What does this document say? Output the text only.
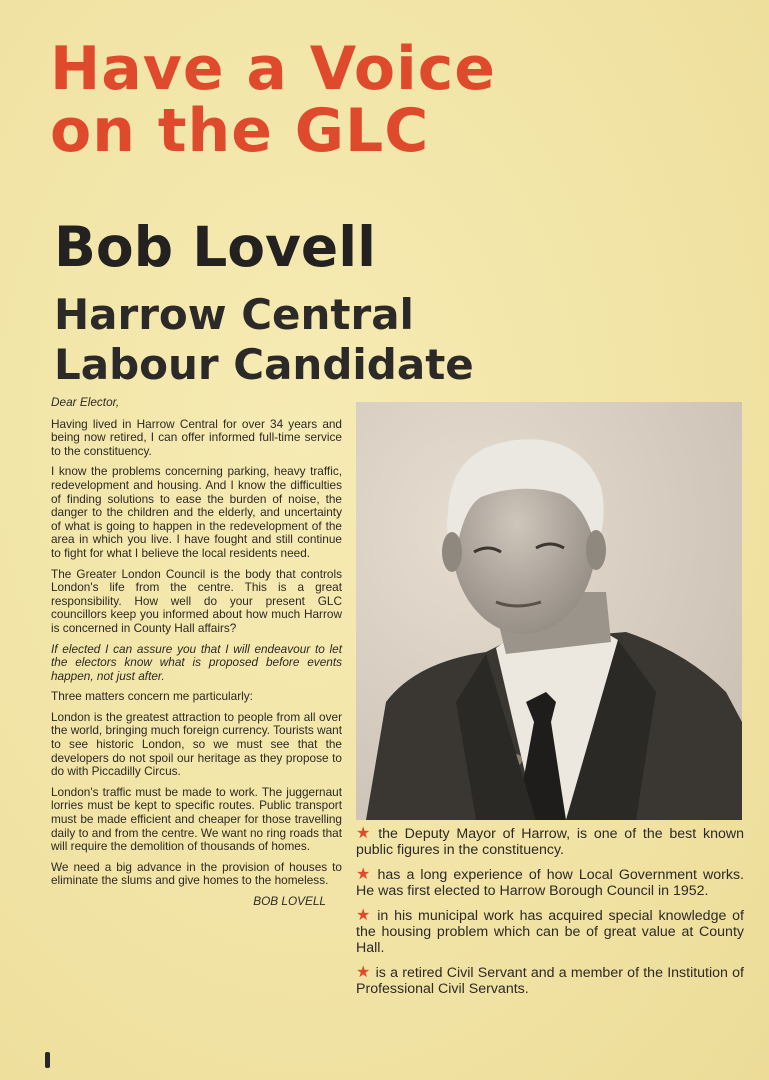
Have a Voice
on the GLC
Bob Lovell
Harrow Central
Labour Candidate

Dear Elector,

Having lived in Harrow Central for over 34 years and being now retired, I can offer informed full-time service to the constituency.

I know the problems concerning parking, heavy traffic, redevelopment and housing. And I know the difficulties of finding solutions to ease the burden of noise, the danger to the children and the elderly, and uncertainty of what is going to happen in the redevelopment of the area in which you live. I have fought and still continue to fight for what I believe the local residents need.

The Greater London Council is the body that controls London's life from the centre. This is a great responsibility. How well do your present GLC councillors keep you informed about how much Harrow is concerned in County Hall affairs?

If elected I can assure you that I will endeavour to let the electors know what is proposed before events happen, not just after.

Three matters concern me particularly:

London is the greatest attraction to people from all over the world, bringing much foreign currency. Tourists want to see historic London, so we must see that the developers do not spoil our heritage as they propose to do with Piccadilly Circus.

London's traffic must be made to work. The juggernaut lorries must be kept to specific routes. Public transport must be made efficient and cheaper for those travelling daily to and from the centre. We want no ring roads that will require the demolition of thousands of homes.

We need a big advance in the provision of houses to eliminate the slums and give homes to the homeless.

BOB LOVELL

★ the Deputy Mayor of Harrow, is one of the best known public figures in the constituency.

★ has a long experience of how Local Government works. He was first elected to Harrow Borough Council in 1952.

★ in his municipal work has acquired special knowledge of the housing problem which can be of great value at County Hall.

★ is a retired Civil Servant and a member of the Institution of Professional Civil Servants.
